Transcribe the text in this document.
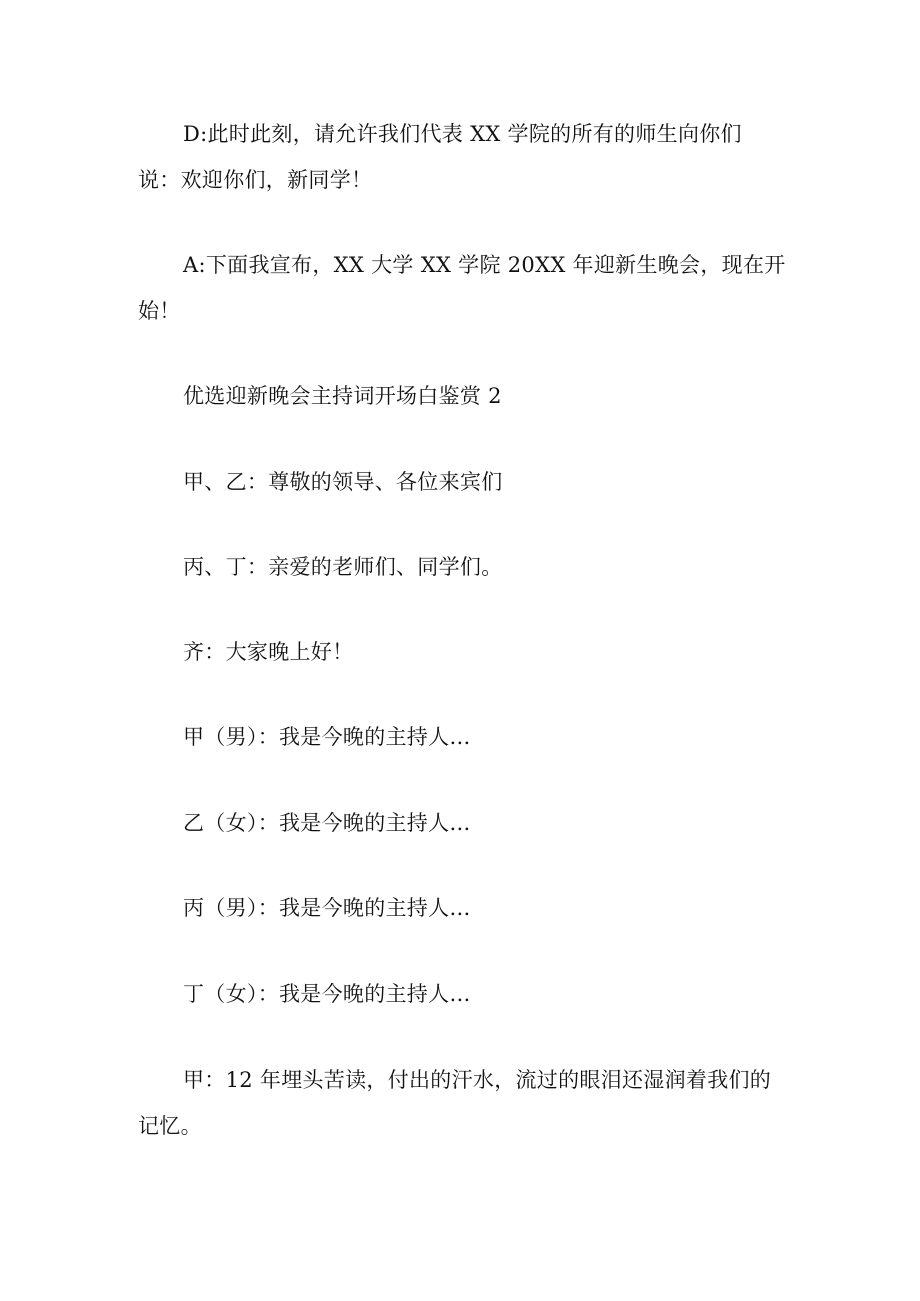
D:此时此刻，请允许我们代表 XX 学院的所有的师生向你们
说：欢迎你们，新同学！
A:下面我宣布，XX 大学 XX 学院 20XX 年迎新生晚会，现在开
始！
优选迎新晚会主持词开场白鉴赏 2
甲、乙：尊敬的领导、各位来宾们
丙、丁：亲爱的老师们、同学们。
齐：大家晚上好！
甲（男）：我是今晚的主持人…
乙（女）：我是今晚的主持人…
丙（男）：我是今晚的主持人…
丁（女）：我是今晚的主持人…
甲：12 年埋头苦读，付出的汗水，流过的眼泪还湿润着我们的
记忆。
